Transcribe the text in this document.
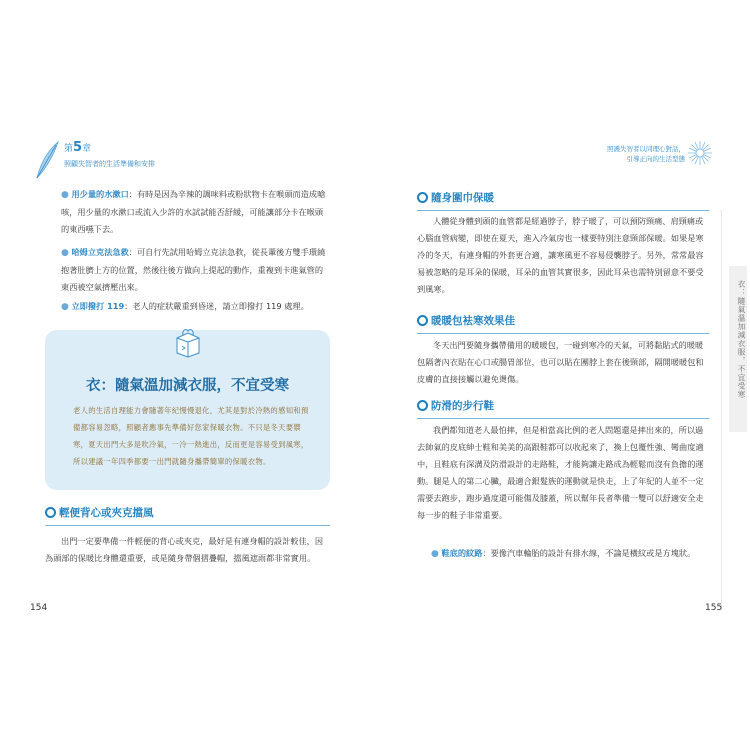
第5章
照顧失智者的生活準備和安排
● 用少量的水漱口：有時是因為辛辣的調味料或粉狀物卡在喉頭而造成嗆咳，用少量的水漱口或流入少許的水試試能否舒緩，可能讓部分卡在喉頭的東西嚥下去。
● 哈姆立克法急救：可自行先試用哈姆立克法急救，從長輩後方雙手環繞抱著肚臍上方的位置，然後往後方做向上提起的動作，重複到卡進氣管的東西被空氣擠壓出來。
● 立即撥打 119：老人的症狀嚴重到昏迷，請立即撥打 119 處理。
衣：隨氣溫加減衣服，不宜受寒
老人的生活自理能力會隨著年紀慢慢退化，尤其是對於冷熱的感知和預備都容易忽略，照顧者應事先準備好您家保暖衣物。不只是冬天要禦寒，夏天出門大多是吹冷氣，一冷一熱進出，反而更是容易受到風寒，所以建議一年四季都要一出門就隨身攜帶簡單的保暖衣物。
輕便背心或夾克擋風
出門一定要準備一件輕便的背心或夾克，最好是有連身帽的設計較佳，因為頭部的保暖比身體還重要，或是隨身帶個摺疊帽，擋風遮雨都非常實用。
154
照護失智者以同理心對話，
引導正向的生活型態
衣：隨氣溫加減衣服，不宜受寒
隨身圍巾保暖
人體從身體到頭的血管都是經過脖子，脖子暖了，可以預防頸痛、肩頸痛或心腦血管病變，即使在夏天，進入冷氣房也一樣要特別注意頸部保暖。如果是寒冷的冬天，有連身帽的外套更合適，讓寒風更不容易侵襲脖子。另外，常常最容易被忽略的是耳朵的保暖，耳朵的血管其實很多，因此耳朵也需特別留意不要受到風寒。
暖暖包袪寒效果佳
冬天出門要隨身攜帶備用的暖暖包，一碰到寒冷的天氣，可將黏貼式的暖暖包隔著內衣貼在心口或腸胃部位，也可以貼在團脖上套在後頸部，隔開暖暖包和皮膚的直接接觸以避免燙傷。
防滑的步行鞋
我們都知道老人最怕摔，但是相當高比例的老人問題還是摔出來的，所以過去帥氣的皮底紳士鞋和美美的高跟鞋都可以收起來了，換上包覆性強、彎曲度適中，且鞋底有深溝及防滑設計的走路鞋，才能夠讓走路成為輕鬆而沒有負擔的運動。腿是人的第二心臟，最適合銀髮族的運動就是快走，上了年紀的人並不一定需要去跑步，跑步過度還可能傷及膝蓋，所以幫年長者準備一雙可以舒適安全走每一步的鞋子非常重要。
● 鞋底的紋路：要像汽車輪胎的設計有排水線，不論是橫紋或是方塊狀。
155
